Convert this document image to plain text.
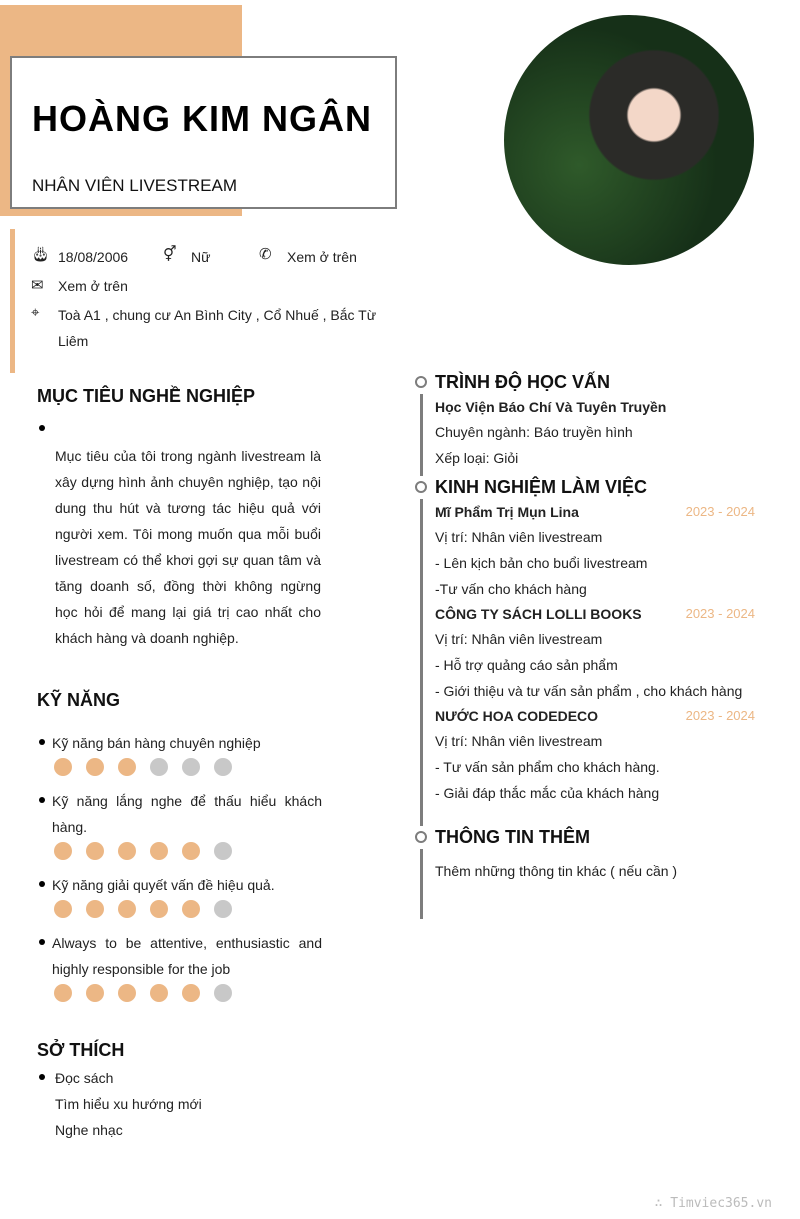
HOÀNG KIM NGÂN
NHÂN VIÊN LIVESTREAM
🎂︎ 18/08/2006 ⚥ Nữ	✆ Xem ở trên
✉ Xem ở trên
⌖ Toà A1 , chung cư An Bình City , Cổ Nhuế , Bắc Từ
Liêm
MỤC TIÊU NGHỀ NGHIỆP
Mục tiêu của tôi trong ngành livestream là xây dựng hình ảnh chuyên nghiệp, tạo nội dung thu hút và tương tác hiệu quả với người xem. Tôi mong muốn qua mỗi buổi livestream có thể khơi gợi sự quan tâm và tăng doanh số, đồng thời không ngừng học hỏi để mang lại giá trị cao nhất cho khách hàng và doanh nghiệp.
KỸ NĂNG
Kỹ năng bán hàng chuyên nghiệp
Kỹ năng lắng nghe để thấu hiểu khách
hàng.
Kỹ năng giải quyết vấn đề hiệu quả.
Always to be attentive, enthusiastic and
highly responsible for the job
SỞ THÍCH
Đọc sách
Tìm hiểu xu hướng mới
Nghe nhạc
TRÌNH ĐỘ HỌC VẤN
Học Viện Báo Chí Và Tuyên Truyền
Chuyên ngành: Báo truyền hình
Xếp loại: Giỏi
KINH NGHIỆM LÀM VIỆC
Mĩ Phẩm Trị Mụn Lina	2023 - 2024
Vị trí: Nhân viên livestream
- Lên kịch bản cho buổi livestream
-Tư vấn cho khách hàng
CÔNG TY SÁCH LOLLI BOOKS	2023 - 2024
Vị trí: Nhân viên livestream
- Hỗ trợ quảng cáo sản phẩm
- Giới thiệu và tư vấn sản phẩm , cho khách hàng
NƯỚC HOA CODEDECO	2023 - 2024
Vị trí: Nhân viên livestream
- Tư vấn sản phẩm cho khách hàng.
- Giải đáp thắc mắc của khách hàng
THÔNG TIN THÊM
Thêm những thông tin khác ( nếu cần )
∴ Timviec365.vn
